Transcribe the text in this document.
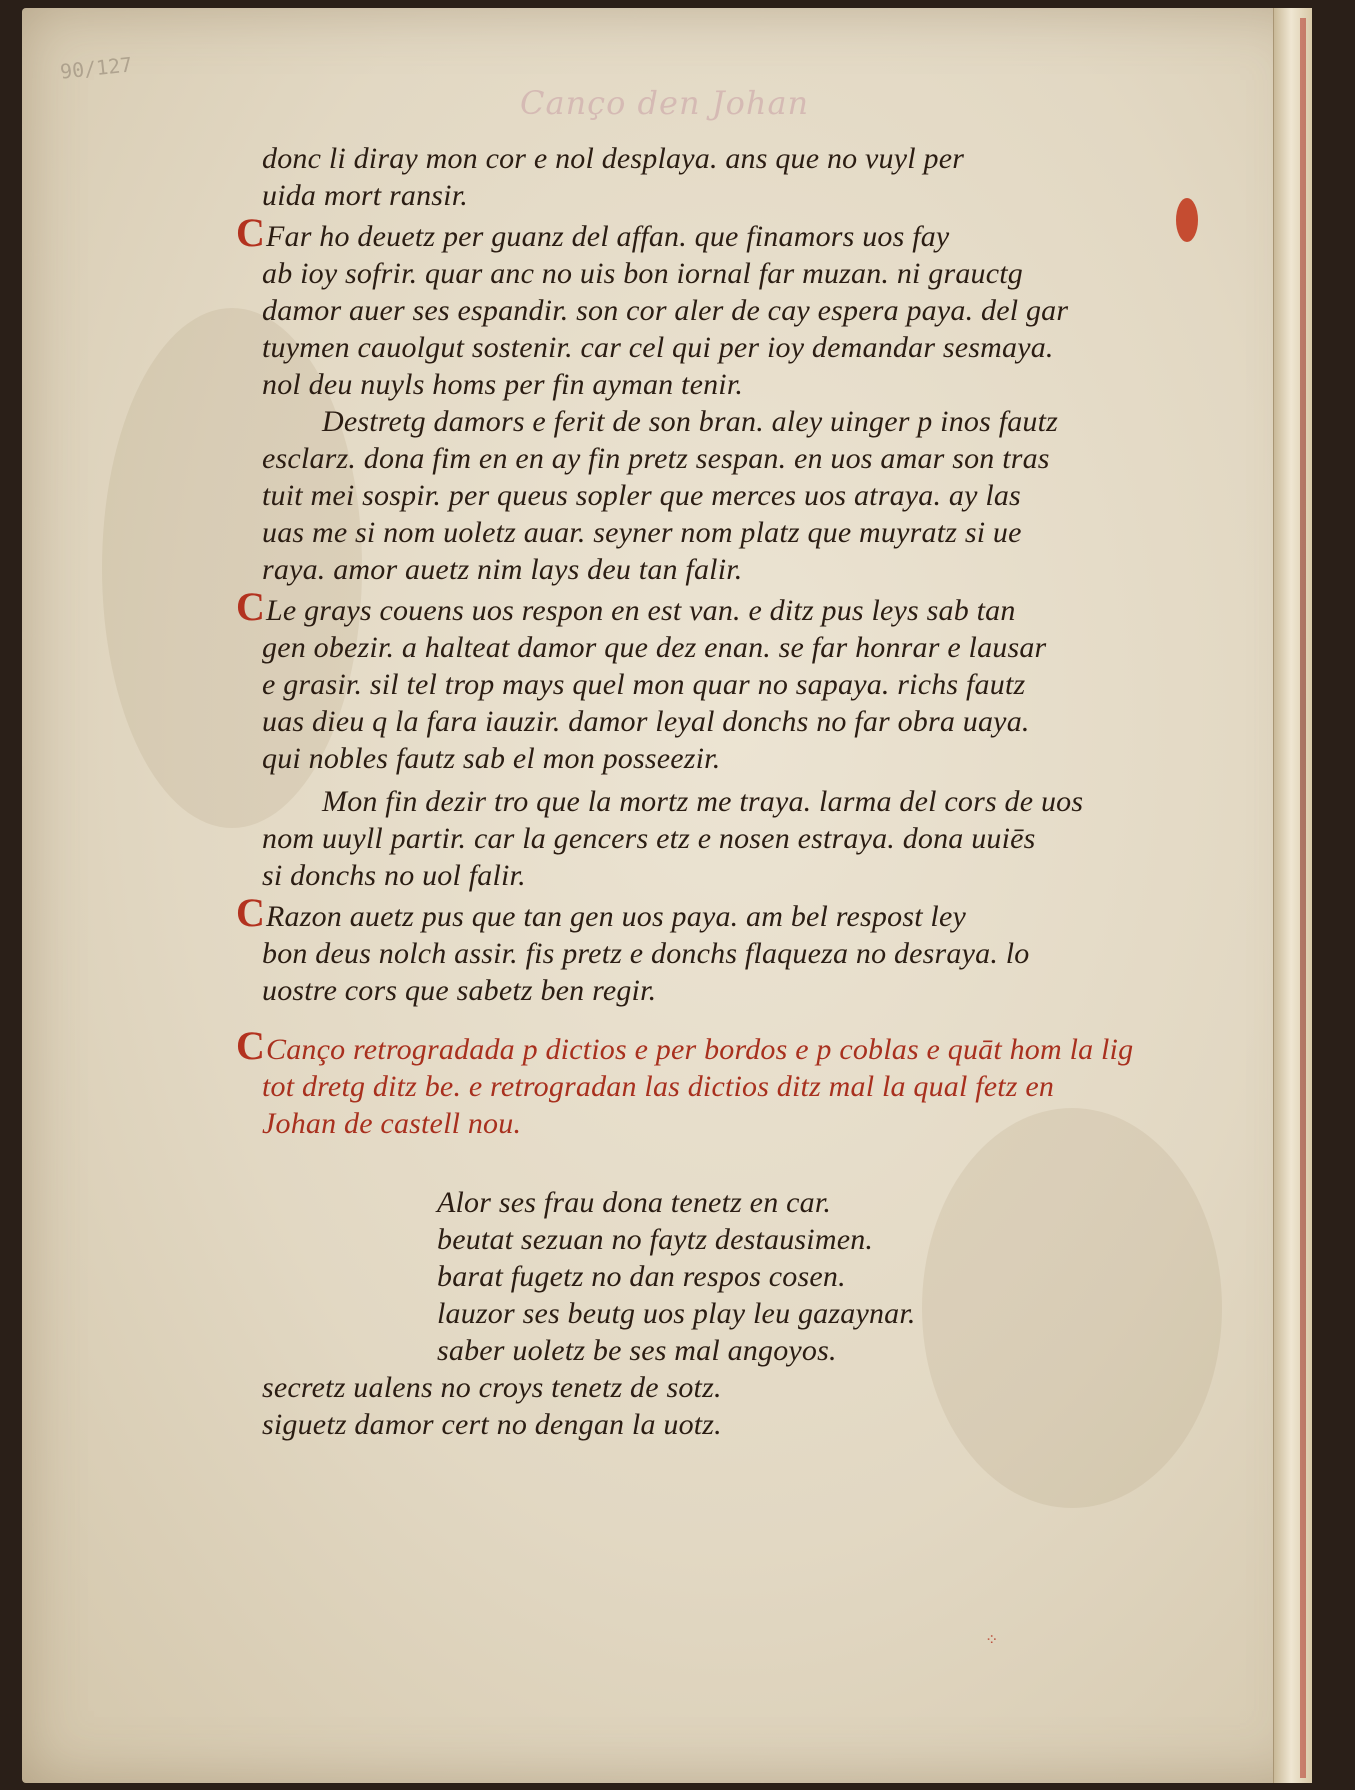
90/127
Canço den Johan
donc li diray mon cor e nol desplaya. ans que no vuyl per
uida mort ransir.
CFar ho deuetz per guanz del affan. que finamors uos fay
ab ioy sofrir. quar anc no uis bon iornal far muzan. ni grauctg
damor auer ses espandir. son cor aler de cay espera paya. del gar
tuymen cauolgut sostenir. car cel qui per ioy demandar sesmaya.
nol deu nuyls homs per fin ayman tenir.
Destretg damors e ferit de son bran. aley uinger p inos fautz
esclarz. dona fim en en ay fin pretz sespan. en uos amar son tras
tuit mei sospir. per queus sopler que merces uos atraya. ay las
uas me si nom uoletz auar. seyner nom platz que muyratz si ue
raya. amor auetz nim lays deu tan falir.
CLe grays couens uos respon en est van. e ditz pus leys sab tan
gen obezir. a halteat damor que dez enan. se far honrar e lausar
e grasir. sil tel trop mays quel mon quar no sapaya. richs fautz
uas dieu q la fara iauzir. damor leyal donchs no far obra uaya.
qui nobles fautz sab el mon posseezir.
Mon fin dezir tro que la mortz me traya. larma del cors de uos
nom uuyll partir. car la gencers etz e nosen estraya. dona uuiēs
si donchs no uol falir.
CRazon auetz pus que tan gen uos paya. am bel respost ley
bon deus nolch assir. fis pretz e donchs flaqueza no desraya. lo
uostre cors que sabetz ben regir.
CCanço retrogradada p dictios e per bordos e p coblas e quāt hom la lig
tot dretg ditz be. e retrogradan las dictios ditz mal la qual fetz en
Johan de castell nou.
Alor ses frau dona tenetz en car.
beutat sezuan no faytz destausimen.
barat fugetz no dan respos cosen.
lauzor ses beutg uos play leu gazaynar.
saber uoletz be ses mal angoyos.
secretz ualens no croys tenetz de sotz.
siguetz damor cert no dengan la uotz.
⁘
